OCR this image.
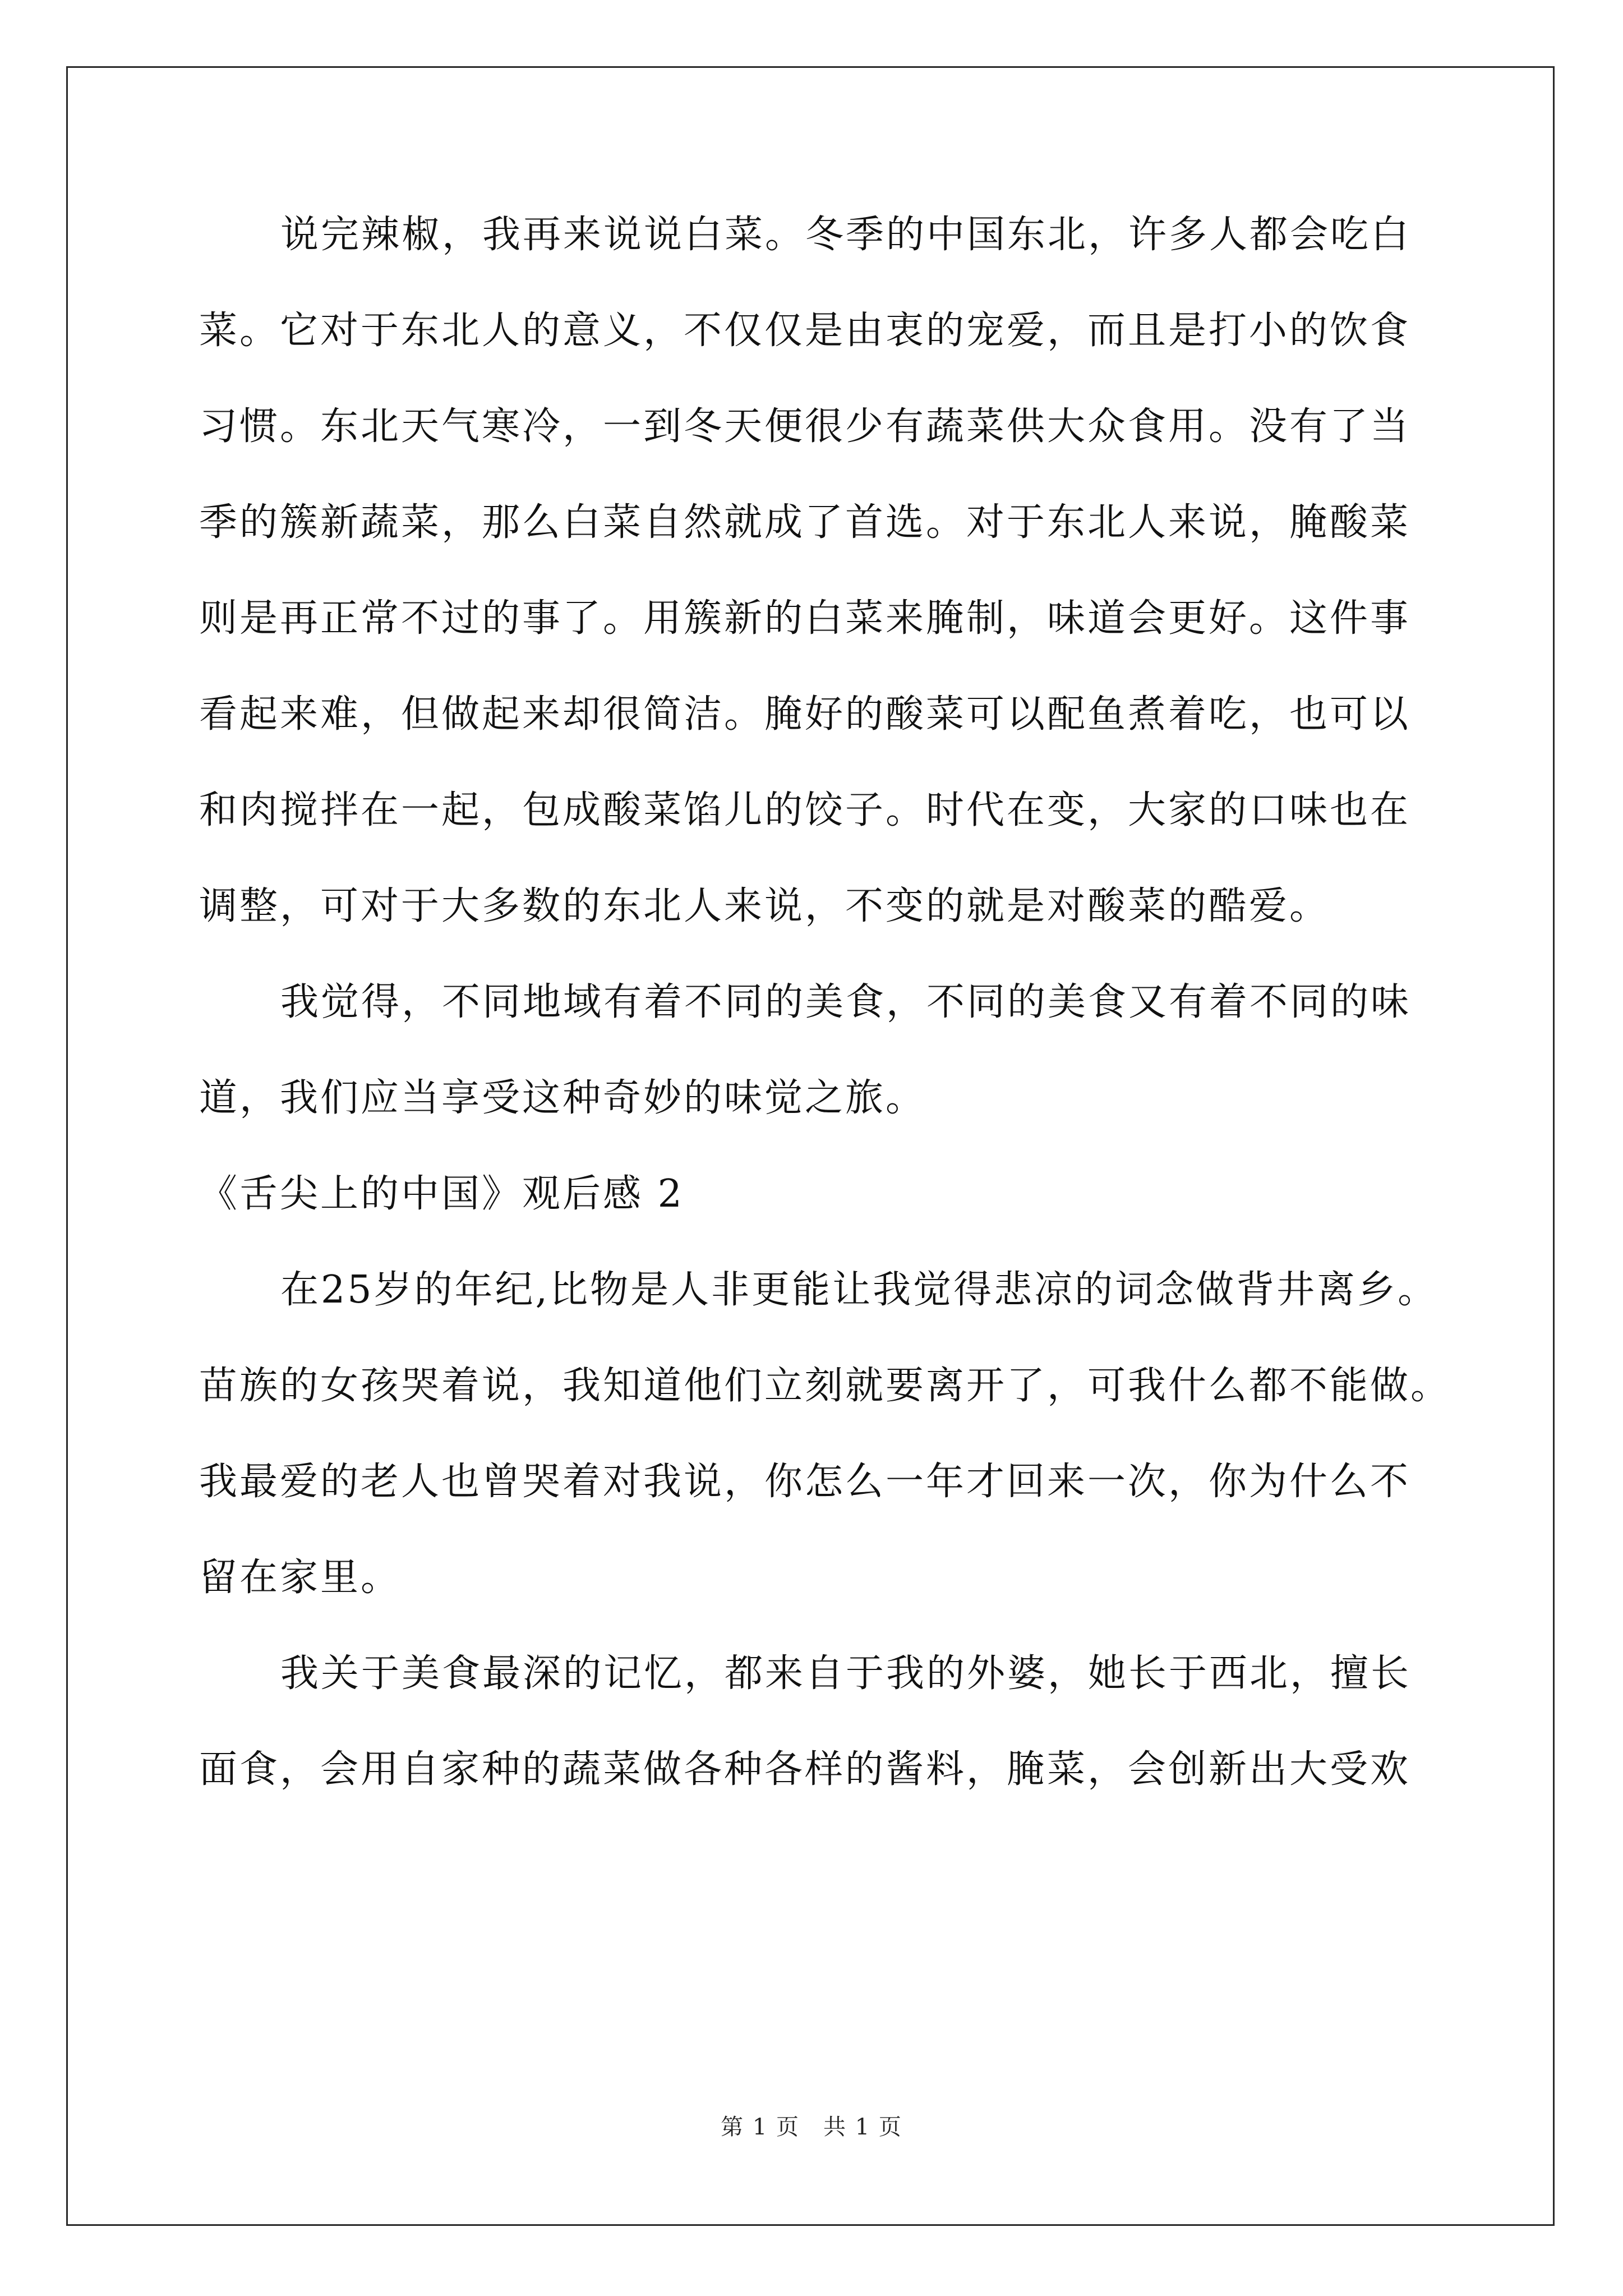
说完辣椒，我再来说说白菜。冬季的中国东北，许多人都会吃白
菜。它对于东北人的意义，不仅仅是由衷的宠爱，而且是打小的饮食
习惯。东北天气寒冷，一到冬天便很少有蔬菜供大众食用。没有了当
季的簇新蔬菜，那么白菜自然就成了首选。对于东北人来说，腌酸菜
则是再正常不过的事了。用簇新的白菜来腌制，味道会更好。这件事
看起来难，但做起来却很简洁。腌好的酸菜可以配鱼煮着吃，也可以
和肉搅拌在一起，包成酸菜馅儿的饺子。时代在变，大家的口味也在
调整，可对于大多数的东北人来说，不变的就是对酸菜的酷爱。
我觉得，不同地域有着不同的美食，不同的美食又有着不同的味
道，我们应当享受这种奇妙的味觉之旅。
《舌尖上的中国》观后感 2
在25岁的年纪,比物是人非更能让我觉得悲凉的词念做背井离乡。
苗族的女孩哭着说，我知道他们立刻就要离开了，可我什么都不能做。
我最爱的老人也曾哭着对我说，你怎么一年才回来一次，你为什么不
留在家里。
我关于美食最深的记忆，都来自于我的外婆，她长于西北，擅长
面食，会用自家种的蔬菜做各种各样的酱料，腌菜，会创新出大受欢
第 1 页　共 1 页
